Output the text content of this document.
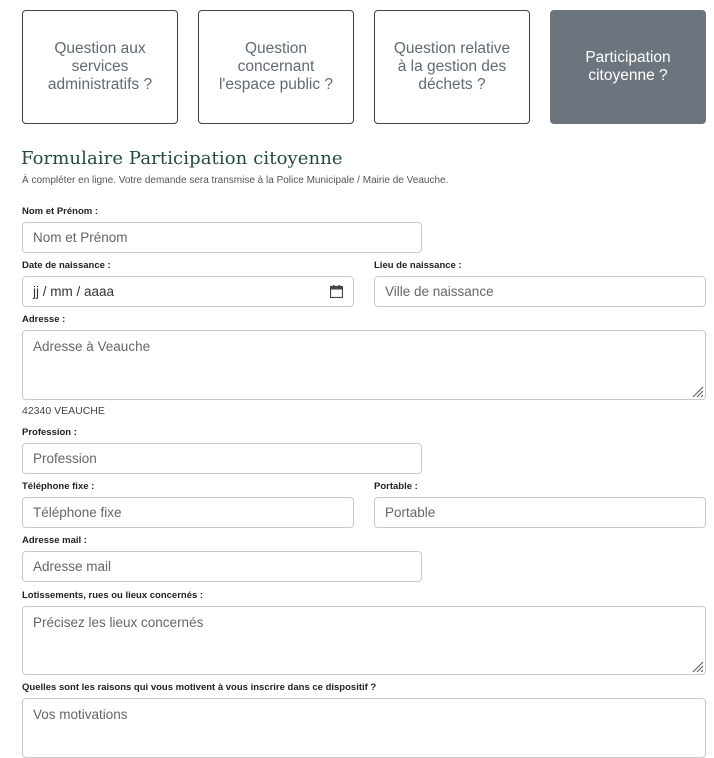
Question aux services administratifs ?
Question concernant l'espace public ?
Question relative à la gestion des déchets ?
Participation citoyenne ?
Formulaire Participation citoyenne
À compléter en ligne. Votre demande sera transmise à la Police Municipale / Mairie de Veauche.
Nom et Prénom :
Nom et Prénom
Date de naissance :	Lieu de naissance :
jj / mm / aaaa	Ville de naissance
Adresse :
Adresse à Veauche
42340 VEAUCHE
Profession :
Profession
Téléphone fixe :	Portable :
Téléphone fixe	Portable
Adresse mail :
Adresse mail
Lotissements, rues ou lieux concernés :
Précisez les lieux concernés
Quelles sont les raisons qui vous motivent à vous inscrire dans ce dispositif ?
Vos motivations
